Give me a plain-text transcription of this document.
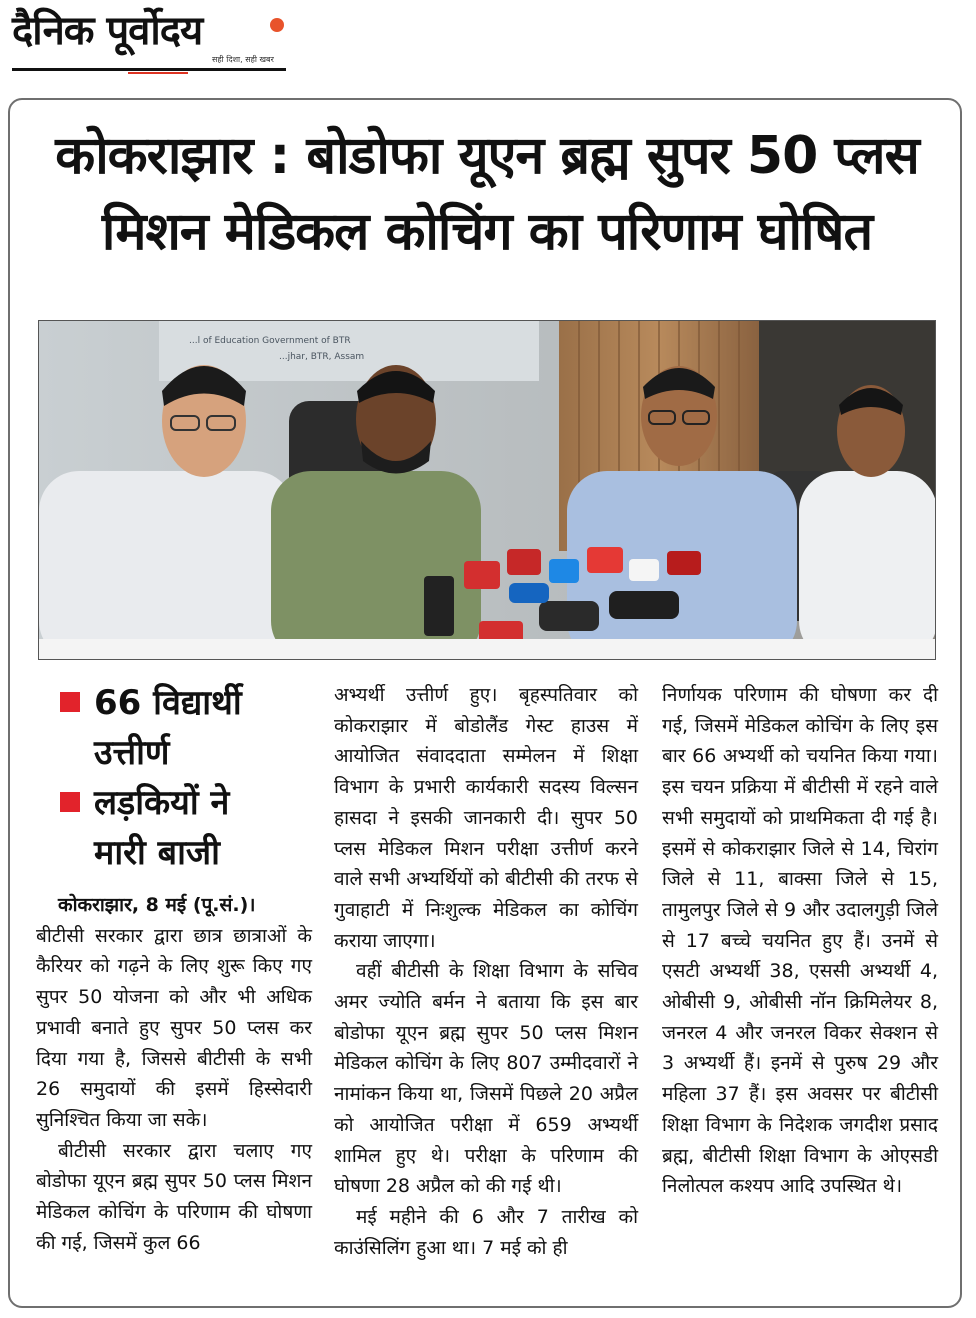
दैनिक पूर्वोदय
सही दिशा, सही खबर
कोकराझार : बोडोफा यूएन ब्रह्म सुपर 50 प्लस
मिशन मेडिकल कोचिंग का परिणाम घोषित
...l of Education Government of BTR
...jhar, BTR, Assam
66 विद्यार्थी
उत्तीर्ण
लड़कियों ने
मारी बाजी

कोकराझार, 8 मई (पू.सं.)।

बीटीसी सरकार द्वारा छात्र छात्राओं के कैरियर को गढ़ने के लिए शुरू किए गए सुपर 50 योजना को और भी अधिक प्रभावी बनाते हुए सुपर 50 प्लस कर दिया गया है, जिससे बीटीसी के सभी 26 समुदायों की इसमें हिस्सेदारी सुनिश्चित किया जा सके।

बीटीसी सरकार द्वारा चलाए गए बोडोफा यूएन ब्रह्म सुपर 50 प्लस मिशन मेडिकल कोचिंग के परिणाम की घोषणा की गई, जिसमें कुल 66

अभ्यर्थी उत्तीर्ण हुए। बृहस्पतिवार को कोकराझार में बोडोलैंड गेस्ट हाउस में आयोजित संवाददाता सम्मेलन में शिक्षा विभाग के प्रभारी कार्यकारी सदस्य विल्सन हासदा ने इसकी जानकारी दी। सुपर 50 प्लस मेडिकल मिशन परीक्षा उत्तीर्ण करने वाले सभी अभ्यर्थियों को बीटीसी की तरफ से गुवाहाटी में निःशुल्क मेडिकल का कोचिंग कराया जाएगा।

वहीं बीटीसी के शिक्षा विभाग के सचिव अमर ज्योति बर्मन ने बताया कि इस बार बोडोफा यूएन ब्रह्म सुपर 50 प्लस मिशन मेडिकल कोचिंग के लिए 807 उम्मीदवारों ने नामांकन किया था, जिसमें पिछले 20 अप्रैल को आयोजित परीक्षा में 659 अभ्यर्थी शामिल हुए थे। परीक्षा के परिणाम की घोषणा 28 अप्रैल को की गई थी।

मई महीने की 6 और 7 तारीख को काउंसिलिंग हुआ था। 7 मई को ही

निर्णायक परिणाम की घोषणा कर दी गई, जिसमें मेडिकल कोचिंग के लिए इस बार 66 अभ्यर्थी को चयनित किया गया। इस चयन प्रक्रिया में बीटीसी में रहने वाले सभी समुदायों को प्राथमिकता दी गई है। इसमें से कोकराझार जिले से 14, चिरांग जिले से 11, बाक्सा जिले से 15, तामुलपुर जिले से 9 और उदालगुड़ी जिले से 17 बच्चे चयनित हुए हैं। उनमें से एसटी अभ्यर्थी 38, एससी अभ्यर्थी 4, ओबीसी 9, ओबीसी नॉन क्रिमिलेयर 8, जनरल 4 और जनरल विकर सेक्शन से 3 अभ्यर्थी हैं। इनमें से पुरुष 29 और महिला 37 हैं। इस अवसर पर बीटीसी शिक्षा विभाग के निदेशक जगदीश प्रसाद ब्रह्म, बीटीसी शिक्षा विभाग के ओएसडी निलोत्पल कश्यप आदि उपस्थित थे।
